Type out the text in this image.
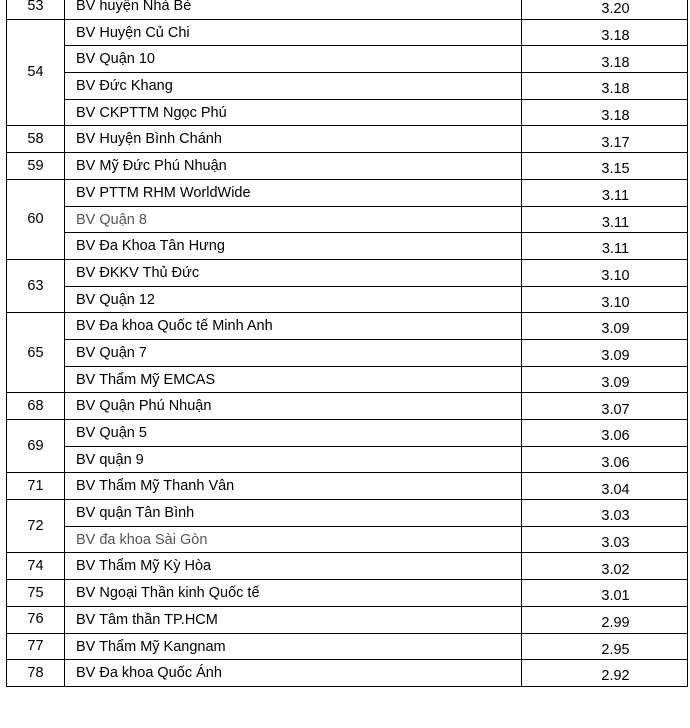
53	BV huyện Nhà Bè	3.20
54	BV Huyện Củ Chi	3.18
	BV Quận 10	3.18
	BV Đức Khang	3.18
	BV CKPTTM Ngọc Phú	3.18
58	BV Huyện Bình Chánh	3.17
59	BV Mỹ Đức Phú Nhuận	3.15
60	BV PTTM RHM WorldWide	3.11
	BV Quận 8	3.11
	BV Đa Khoa Tân Hưng	3.11
63	BV ĐKKV Thủ Đức	3.10
	BV Quận 12	3.10
65	BV Đa khoa Quốc tế Minh Anh	3.09
	BV Quận 7	3.09
	BV Thẩm Mỹ EMCAS	3.09
68	BV Quận Phú Nhuận	3.07
69	BV Quận 5	3.06
	BV quận 9	3.06
71	BV Thẩm Mỹ Thanh Vân	3.04
72	BV quận Tân Bình	3.03
	BV đa khoa Sài Gòn	3.03
74	BV Thẩm Mỹ Kỳ Hòa	3.02
75	BV Ngoại Thần kinh Quốc tế	3.01
76	BV Tâm thần TP.HCM	2.99
77	BV Thẩm Mỹ Kangnam	2.95
78	BV Đa khoa Quốc Ánh	2.92
